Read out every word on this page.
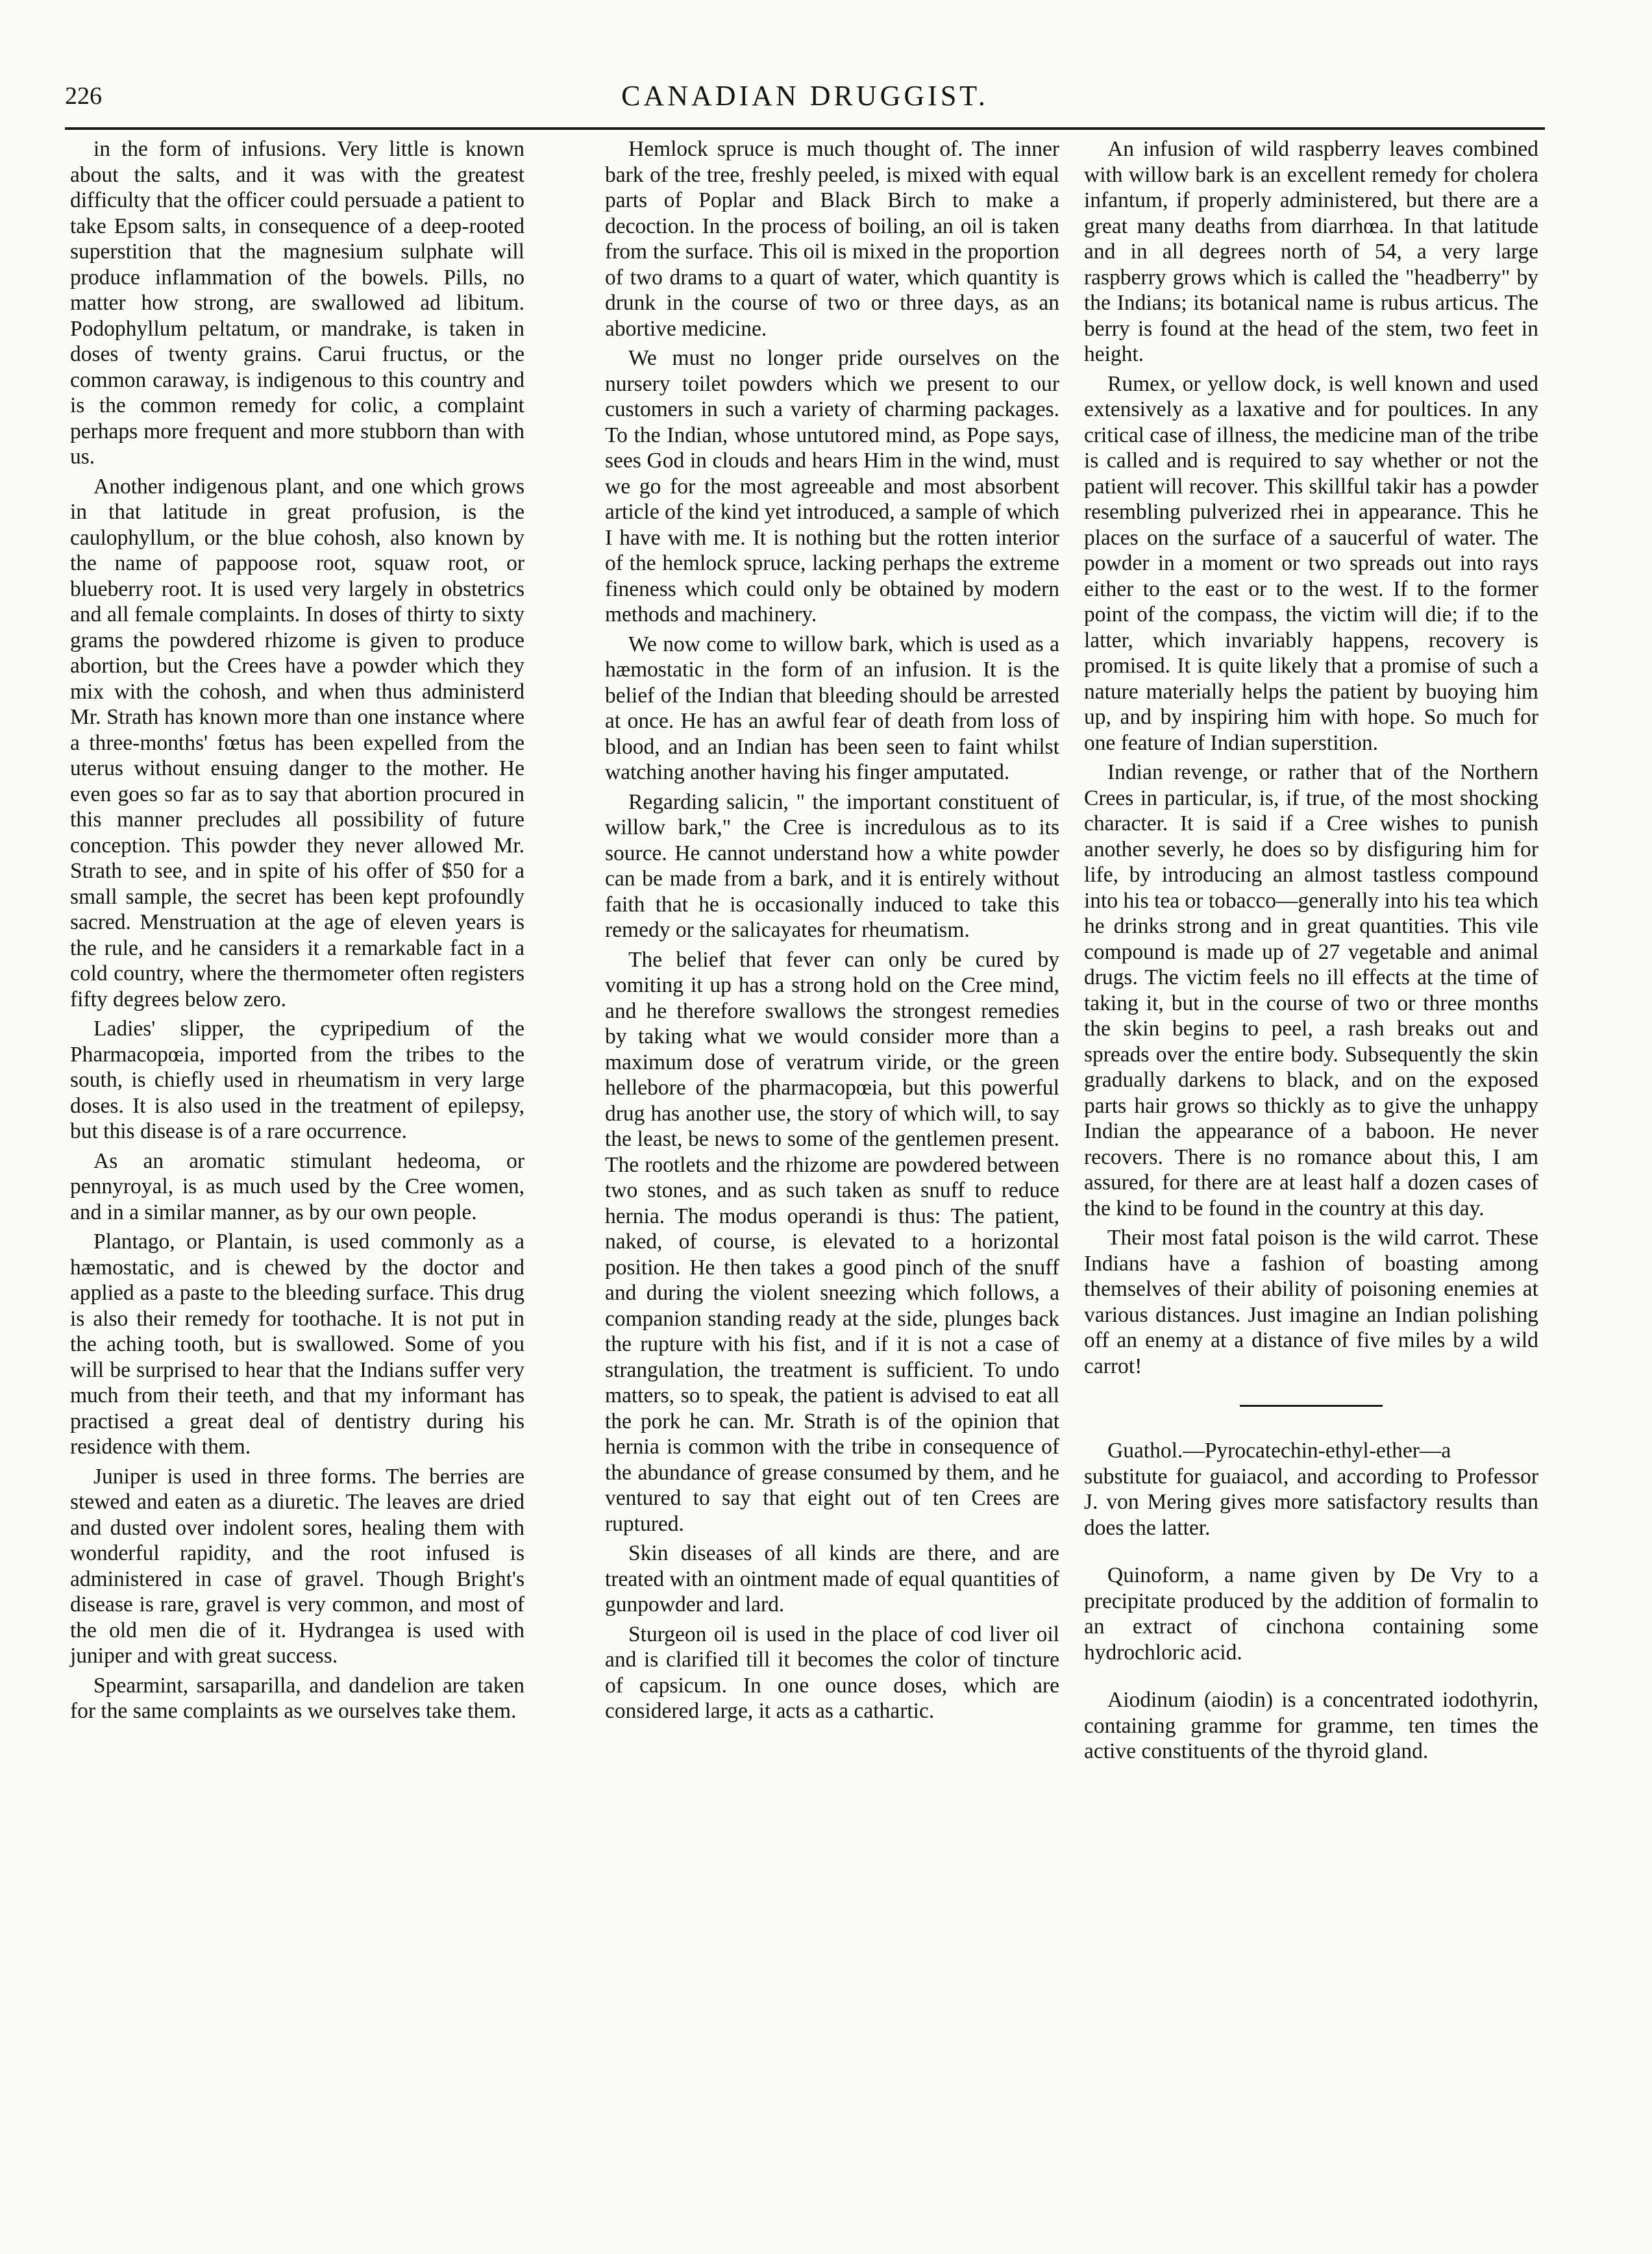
226	CANADIAN DRUGGIST.

in the form of infusions. Very little is known about the salts, and it was with the greatest difficulty that the officer could persuade a patient to take Epsom salts, in consequence of a deep-rooted superstition that the magnesium sulphate will produce inflammation of the bowels. Pills, no matter how strong, are swallowed ad libitum. Podophyllum peltatum, or mandrake, is taken in doses of twenty grains. Carui fructus, or the common caraway, is indigenous to this country and is the common remedy for colic, a complaint perhaps more frequent and more stubborn than with us.

Another indigenous plant, and one which grows in that latitude in great profusion, is the caulophyllum, or the blue cohosh, also known by the name of pappoose root, squaw root, or blueberry root. It is used very largely in obstetrics and all female complaints. In doses of thirty to sixty grams the powdered rhizome is given to produce abortion, but the Crees have a powder which they mix with the cohosh, and when thus administerd Mr. Strath has known more than one instance where a three-months' fœtus has been expelled from the uterus without ensuing danger to the mother. He even goes so far as to say that abortion procured in this manner precludes all possibility of future conception. This powder they never allowed Mr. Strath to see, and in spite of his offer of $50 for a small sample, the secret has been kept profoundly sacred. Menstruation at the age of eleven years is the rule, and he cansiders it a remarkable fact in a cold country, where the thermometer often registers fifty degrees below zero.

Ladies' slipper, the cypripedium of the Pharmacopœia, imported from the tribes to the south, is chiefly used in rheumatism in very large doses. It is also used in the treatment of epilepsy, but this disease is of a rare occurrence.

As an aromatic stimulant hedeoma, or pennyroyal, is as much used by the Cree women, and in a similar manner, as by our own people.

Plantago, or Plantain, is used commonly as a hæmostatic, and is chewed by the doctor and applied as a paste to the bleeding surface. This drug is also their remedy for toothache. It is not put in the aching tooth, but is swallowed. Some of you will be surprised to hear that the Indians suffer very much from their teeth, and that my informant has practised a great deal of dentistry during his residence with them.

Juniper is used in three forms. The berries are stewed and eaten as a diuretic. The leaves are dried and dusted over indolent sores, healing them with wonderful rapidity, and the root infused is administered in case of gravel. Though Bright's disease is rare, gravel is very common, and most of the old men die of it. Hydrangea is used with juniper and with great success.

Spearmint, sarsaparilla, and dandelion are taken for the same complaints as we ourselves take them.

Hemlock spruce is much thought of. The inner bark of the tree, freshly peeled, is mixed with equal parts of Poplar and Black Birch to make a decoction. In the process of boiling, an oil is taken from the surface. This oil is mixed in the proportion of two drams to a quart of water, which quantity is drunk in the course of two or three days, as an abortive medicine.

We must no longer pride ourselves on the nursery toilet powders which we present to our customers in such a variety of charming packages. To the Indian, whose untutored mind, as Pope says, sees God in clouds and hears Him in the wind, must we go for the most agreeable and most absorbent article of the kind yet introduced, a sample of which I have with me. It is nothing but the rotten interior of the hemlock spruce, lacking perhaps the extreme fineness which could only be obtained by modern methods and machinery.

We now come to willow bark, which is used as a hæmostatic in the form of an infusion. It is the belief of the Indian that bleeding should be arrested at once. He has an awful fear of death from loss of blood, and an Indian has been seen to faint whilst watching another having his finger amputated.

Regarding salicin, " the important constituent of willow bark," the Cree is incredulous as to its source. He cannot understand how a white powder can be made from a bark, and it is entirely without faith that he is occasionally induced to take this remedy or the salicayates for rheumatism.

The belief that fever can only be cured by vomiting it up has a strong hold on the Cree mind, and he therefore swallows the strongest remedies by taking what we would consider more than a maximum dose of veratrum viride, or the green hellebore of the pharmacopœia, but this powerful drug has another use, the story of which will, to say the least, be news to some of the gentlemen present. The rootlets and the rhizome are powdered between two stones, and as such taken as snuff to reduce hernia. The modus operandi is thus: The patient, naked, of course, is elevated to a horizontal position. He then takes a good pinch of the snuff and during the violent sneezing which follows, a companion standing ready at the side, plunges back the rupture with his fist, and if it is not a case of strangulation, the treatment is sufficient. To undo matters, so to speak, the patient is advised to eat all the pork he can. Mr. Strath is of the opinion that hernia is common with the tribe in consequence of the abundance of grease consumed by them, and he ventured to say that eight out of ten Crees are ruptured.

Skin diseases of all kinds are there, and are treated with an ointment made of equal quantities of gunpowder and lard.

Sturgeon oil is used in the place of cod liver oil and is clarified till it becomes the color of tincture of capsicum. In one ounce doses, which are considered large, it acts as a cathartic.

An infusion of wild raspberry leaves combined with willow bark is an excellent remedy for cholera infantum, if properly administered, but there are a great many deaths from diarrhœa. In that latitude and in all degrees north of 54, a very large raspberry grows which is called the "headberry" by the Indians; its botanical name is rubus articus. The berry is found at the head of the stem, two feet in height.

Rumex, or yellow dock, is well known and used extensively as a laxative and for poultices. In any critical case of illness, the medicine man of the tribe is called and is required to say whether or not the patient will recover. This skillful takir has a powder resembling pulverized rhei in appearance. This he places on the surface of a saucerful of water. The powder in a moment or two spreads out into rays either to the east or to the west. If to the former point of the compass, the victim will die; if to the latter, which invariably happens, recovery is promised. It is quite likely that a promise of such a nature materially helps the patient by buoying him up, and by inspiring him with hope. So much for one feature of Indian superstition.

Indian revenge, or rather that of the Northern Crees in particular, is, if true, of the most shocking character. It is said if a Cree wishes to punish another severly, he does so by disfiguring him for life, by introducing an almost tastless compound into his tea or tobacco—generally into his tea which he drinks strong and in great quantities. This vile compound is made up of 27 vegetable and animal drugs. The victim feels no ill effects at the time of taking it, but in the course of two or three months the skin begins to peel, a rash breaks out and spreads over the entire body. Subsequently the skin gradually darkens to black, and on the exposed parts hair grows so thickly as to give the unhappy Indian the appearance of a baboon. He never recovers. There is no romance about this, I am assured, for there are at least half a dozen cases of the kind to be found in the country at this day.

Their most fatal poison is the wild carrot. These Indians have a fashion of boasting among themselves of their ability of poisoning enemies at various distances. Just imagine an Indian polishing off an enemy at a distance of five miles by a wild carrot!

Guathol.—Pyrocatechin-ethyl-ether—a substitute for guaiacol, and according to Professor J. von Mering gives more satisfactory results than does the latter.

Quinoform, a name given by De Vry to a precipitate produced by the addition of formalin to an extract of cinchona containing some hydrochloric acid.

Aiodinum (aiodin) is a concentrated iodothyrin, containing gramme for gramme, ten times the active constituents of the thyroid gland.
